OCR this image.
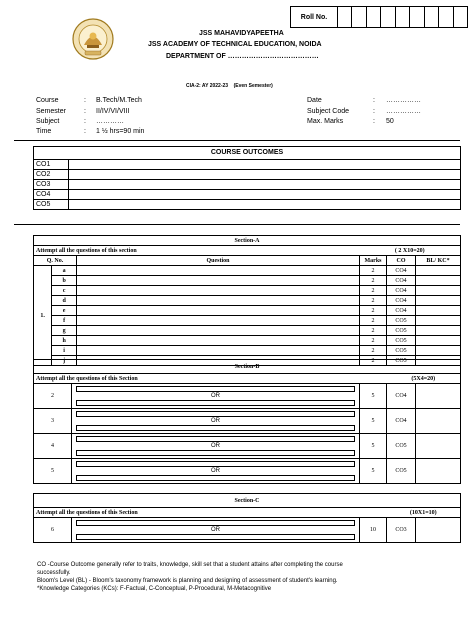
Roll No.
JSS MAHAVIDYAPEETHA
JSS ACADEMY OF TECHNICAL EDUCATION, NOIDA
DEPARTMENT OF …………………………………
CIA-2: AY 2022-23    (Even Semester)
Course	: B.Tech/M.Tech
Semester	: II/IV/VI/VIII
Subject	: …………
Time	: 1 ½ hrs=90 min
Date	: ……………
Subject Code	: ……………
Max. Marks	: 50
COURSE OUTCOMES	
CO1	
CO2	
CO3	
CO4	
CO5	
Section-A					
Attempt all the questions of this section			( 2 X10=20)		
Q. No.		Question	Marks	CO	BL/ KC*
1.	a		2	CO4	
	b		2	CO4	
	c		2	CO4	
	d		2	CO4	
	e		2	CO4	
	f		2	CO5	
	g		2	CO5	
	h		2	CO5	
	i		2	CO5	
	j		2	CO5	
Section-B				
Attempt all the questions of this Section			(5X4=20)	
2	OR	5	CO4	
3	OR	5	CO4	
4	OR	5	CO5	
5	OR	5	CO5	
Section-C				
Attempt all the questions of this Section			(10X1=10)	
6	OR	10	CO3	
CO -Course Outcome generally refer to traits, knowledge, skill set that a student attains after completing the course
successfully.
Bloom's Level (BL) - Bloom's taxonomy framework is planning and designing of assessment of student's learning.
*Knowledge Categories (KCs): F-Factual, C-Conceptual, P-Procedural, M-Metacognitive
